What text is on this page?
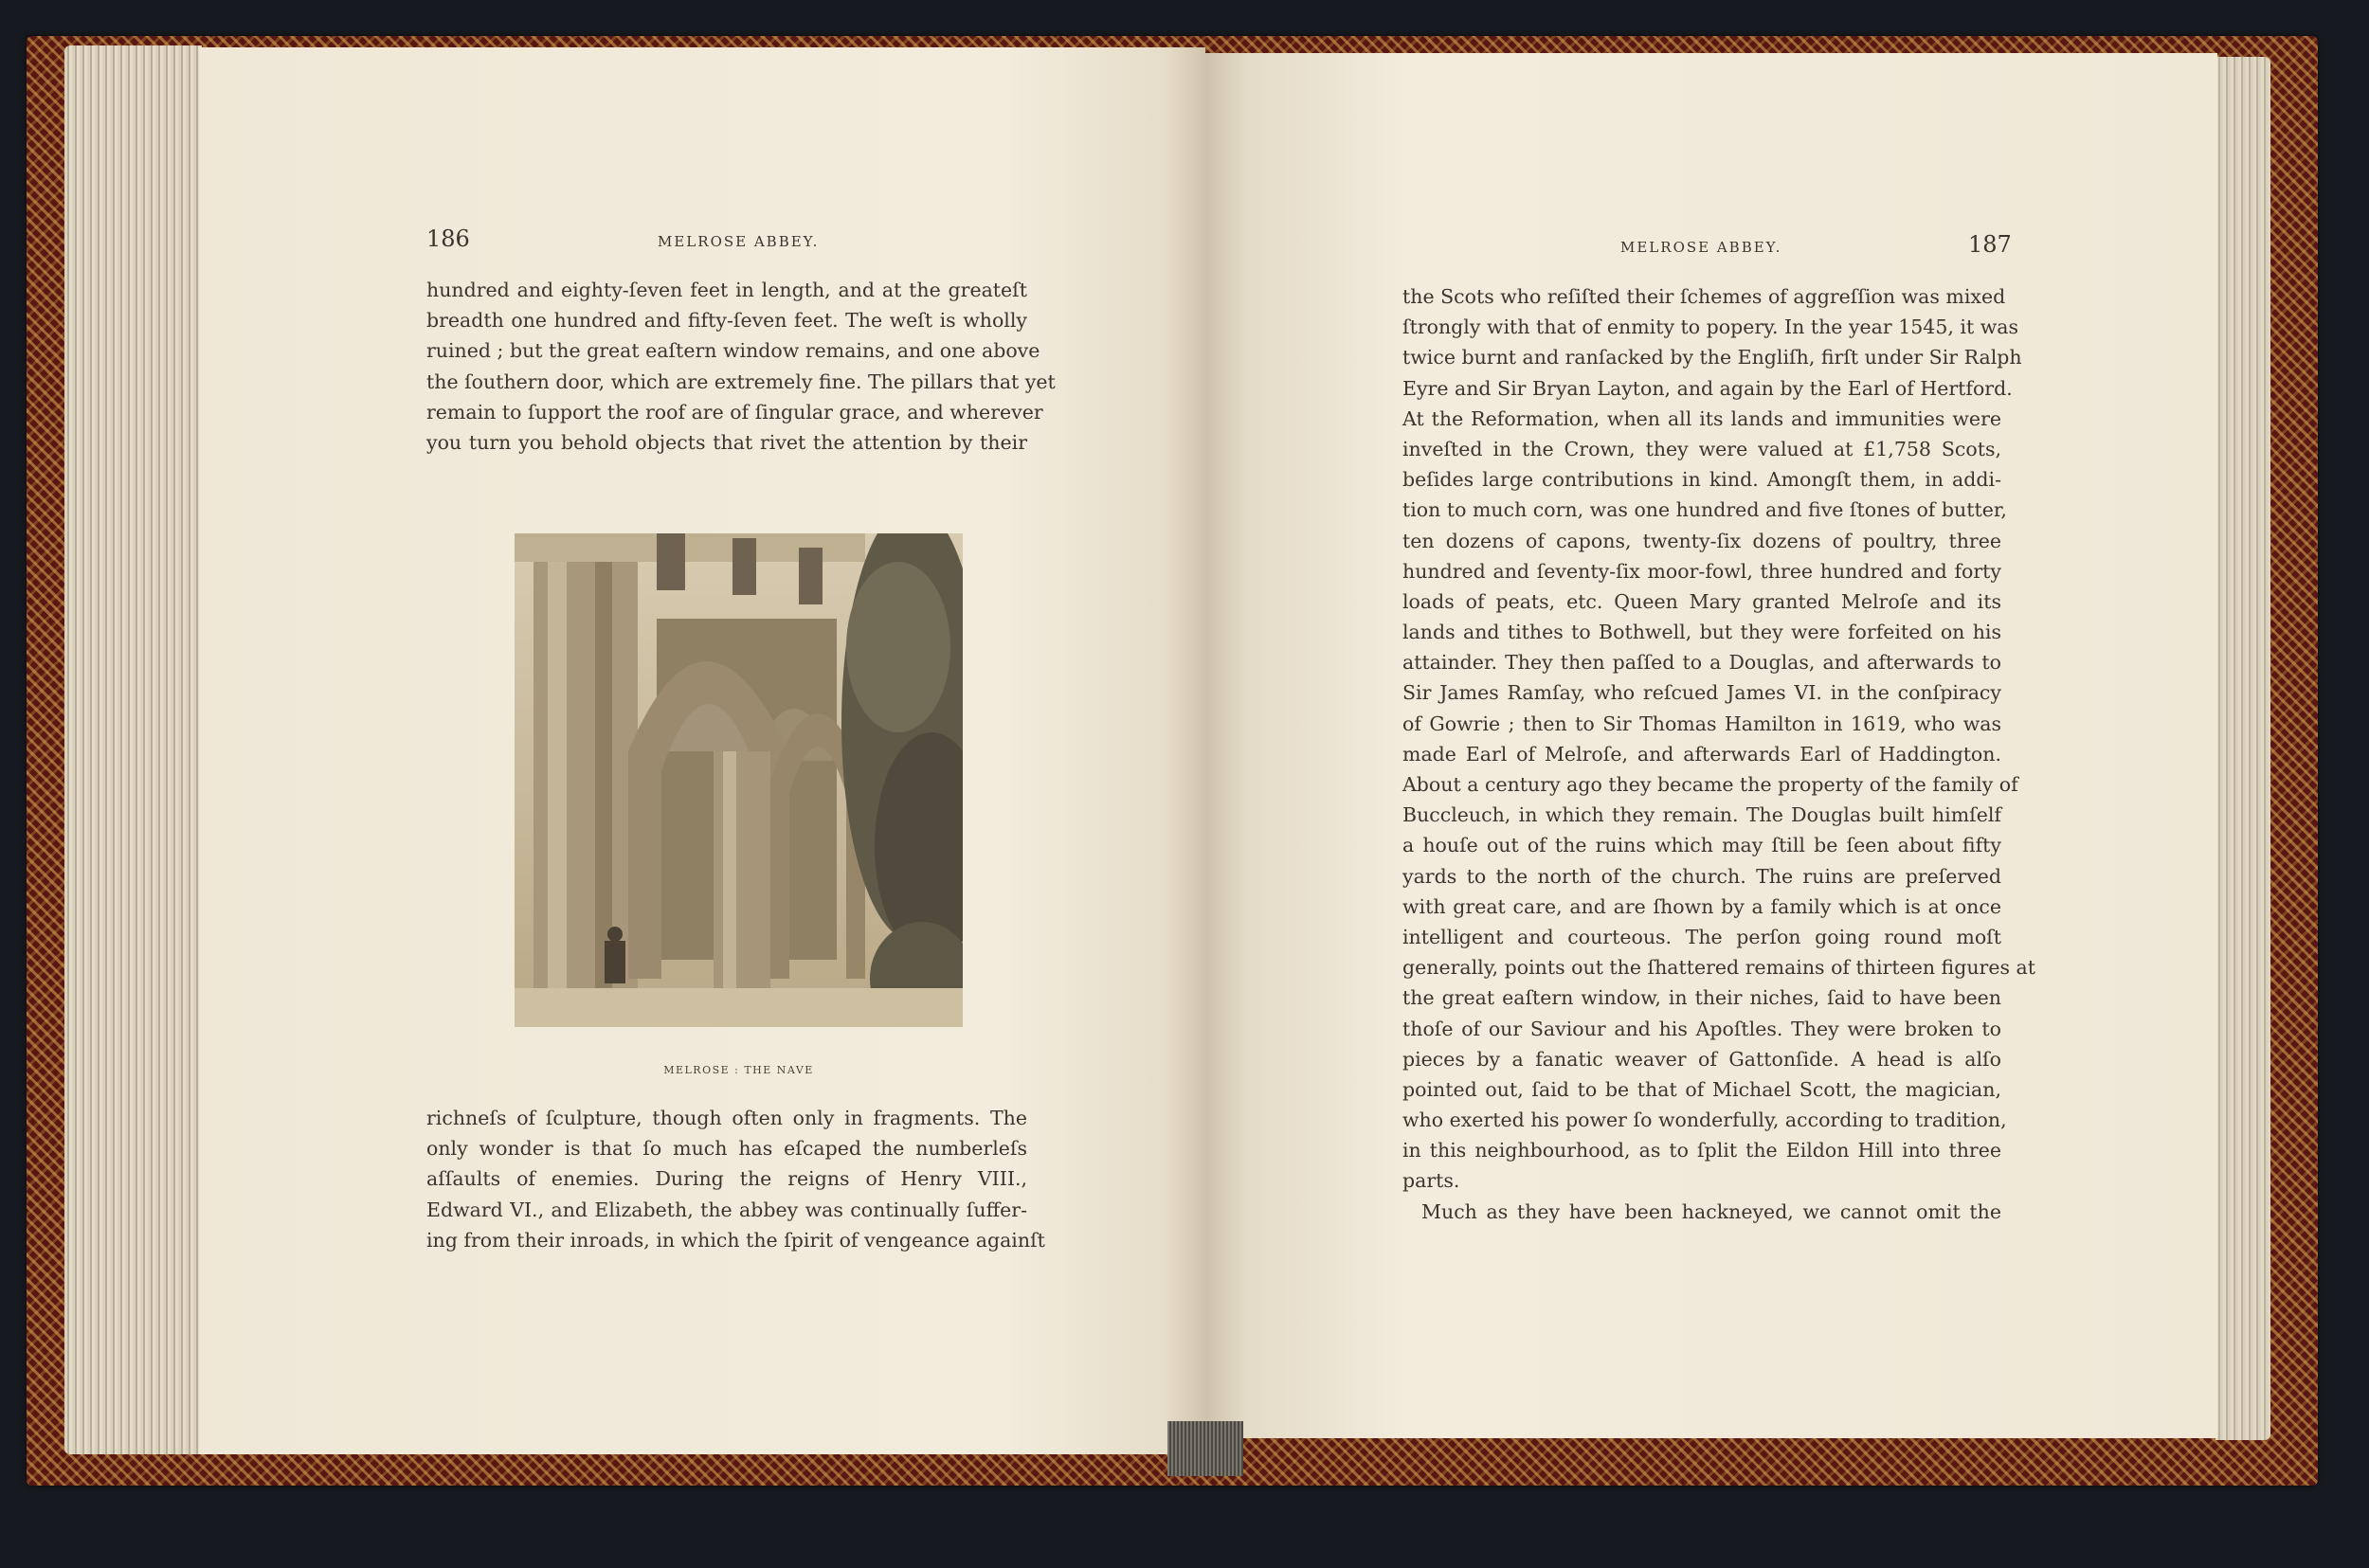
186	MELROSE ABBEY.
hundred and eighty-ſeven feet in length, and at the greateſt
breadth one hundred and fifty-ſeven feet. The weſt is wholly
ruined ; but the great eaſtern window remains, and one above
the ſouthern door, which are extremely fine. The pillars that yet
remain to ſupport the roof are of ſingular grace, and wherever
you turn you behold objects that rivet the attention by their
MELROSE : THE NAVE
richneſs of ſculpture, though often only in fragments. The
only wonder is that ſo much has eſcaped the numberleſs
aſſaults of enemies. During the reigns of Henry VIII.,
Edward VI., and Elizabeth, the abbey was continually ſuffer-
ing from their inroads, in which the ſpirit of vengeance againſt
MELROSE ABBEY.	187
the Scots who reſiſted their ſchemes of aggreſſion was mixed
ſtrongly with that of enmity to popery. In the year 1545, it was
twice burnt and ranſacked by the Engliſh, firſt under Sir Ralph
Eyre and Sir Bryan Layton, and again by the Earl of Hertford.
At the Reformation, when all its lands and immunities were
inveſted in the Crown, they were valued at £1,758 Scots,
beſides large contributions in kind. Amongſt them, in addi-
tion to much corn, was one hundred and five ſtones of butter,
ten dozens of capons, twenty-ſix dozens of poultry, three
hundred and ſeventy-ſix moor-fowl, three hundred and forty
loads of peats, etc. Queen Mary granted Melroſe and its
lands and tithes to Bothwell, but they were forfeited on his
attainder. They then paſſed to a Douglas, and afterwards to
Sir James Ramſay, who reſcued James VI. in the conſpiracy
of Gowrie ; then to Sir Thomas Hamilton in 1619, who was
made Earl of Melroſe, and afterwards Earl of Haddington.
About a century ago they became the property of the family of
Buccleuch, in which they remain. The Douglas built himſelf
a houſe out of the ruins which may ſtill be ſeen about fifty
yards to the north of the church. The ruins are preſerved
with great care, and are ſhown by a family which is at once
intelligent and courteous. The perſon going round moſt
generally, points out the ſhattered remains of thirteen figures at
the great eaſtern window, in their niches, ſaid to have been
thoſe of our Saviour and his Apoſtles. They were broken to
pieces by a fanatic weaver of Gattonſide. A head is alſo
pointed out, ſaid to be that of Michael Scott, the magician,
who exerted his power ſo wonderfully, according to tradition,
in this neighbourhood, as to ſplit the Eildon Hill into three
parts.
Much as they have been hackneyed, we cannot omit the
